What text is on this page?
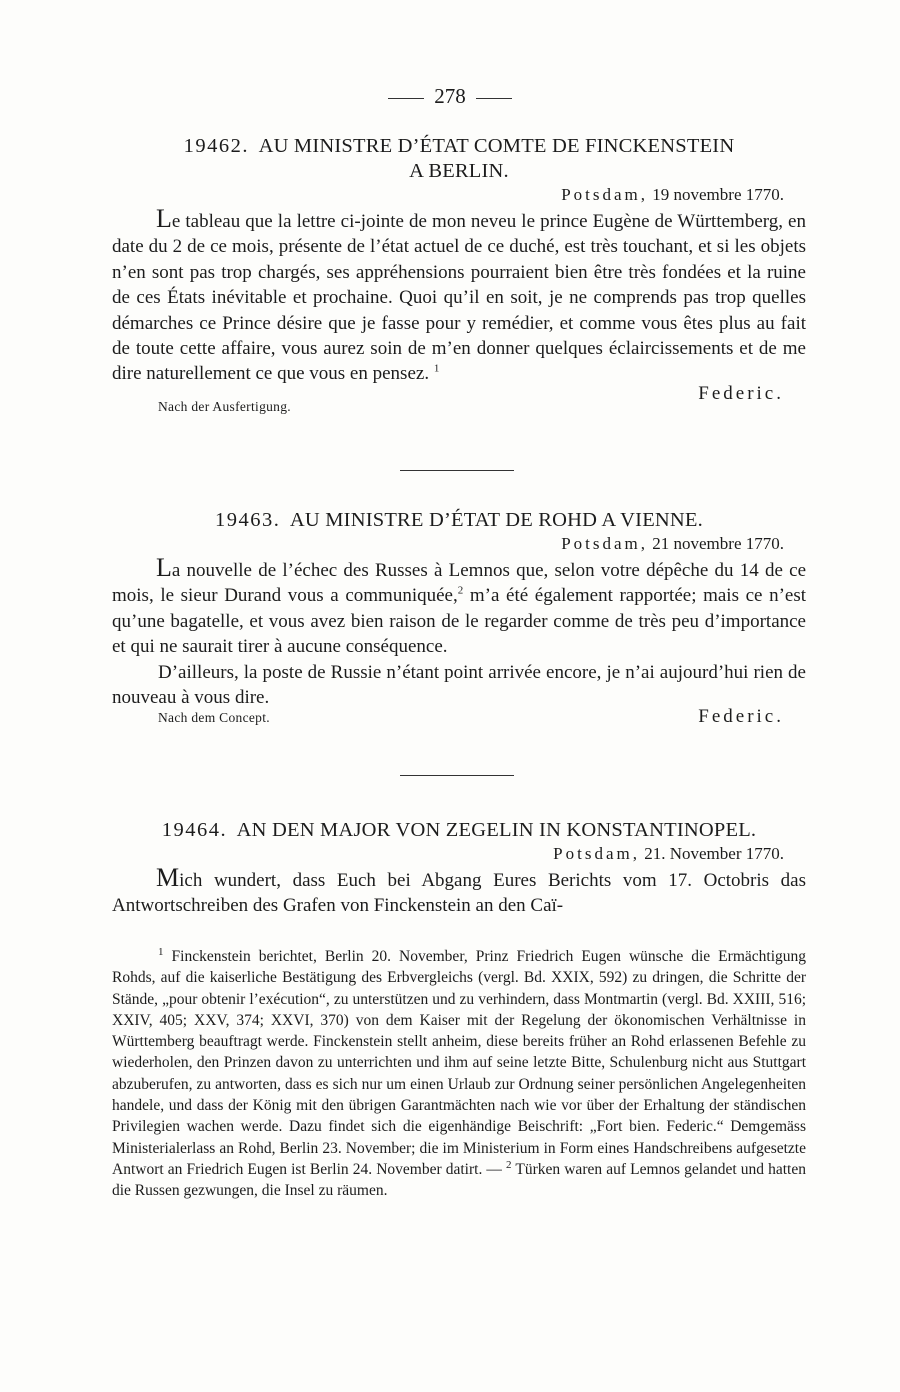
278
19462. AU MINISTRE D’ÉTAT COMTE DE FINCKENSTEIN
A BERLIN.
Potsdam, 19 novembre 1770.

Le tableau que la lettre ci-jointe de mon neveu le prince Eugène de Württemberg, en date du 2 de ce mois, présente de l’état actuel de ce duché, est très touchant, et si les objets n’en sont pas trop chargés, ses appréhensions pourraient bien être très fondées et la ruine de ces États inévitable et prochaine. Quoi qu’il en soit, je ne comprends pas trop quelles démarches ce Prince désire que je fasse pour y remédier, et comme vous êtes plus au fait de toute cette affaire, vous aurez soin de m’en donner quelques éclaircissements et de me dire naturellement ce que vous en pensez. $^1$

Federic.
Nach der Ausfertigung.
19463. AU MINISTRE D’ÉTAT DE ROHD A VIENNE.
Potsdam, 21 novembre 1770.

La nouvelle de l’échec des Russes à Lemnos que, selon votre dépêche du 14 de ce mois, le sieur Durand vous a communiquée,$^2$ m’a été également rapportée; mais ce n’est qu’une bagatelle, et vous avez bien raison de le regarder comme de très peu d’importance et qui ne saurait tirer à aucune conséquence.

D’ailleurs, la poste de Russie n’étant point arrivée encore, je n’ai aujourd’hui rien de nouveau à vous dire.

Federic.
Nach dem Concept.
19464. AN DEN MAJOR VON ZEGELIN IN KONSTANTINOPEL.
Potsdam, 21. November 1770.

Mich wundert, dass Euch bei Abgang Eures Berichts vom 17. Octobris das Antwortschreiben des Grafen von Finckenstein an den Caï-

$^1$ Finckenstein berichtet, Berlin 20. November, Prinz Friedrich Eugen wünsche die Ermächtigung Rohds, auf die kaiserliche Bestätigung des Erbvergleichs (vergl. Bd. XXIX, 592) zu dringen, die Schritte der Stände, „pour obtenir l’exécution“, zu unterstützen und zu verhindern, dass Montmartin (vergl. Bd. XXIII, 516; XXIV, 405; XXV, 374; XXVI, 370) von dem Kaiser mit der Regelung der ökonomischen Verhältnisse in Württemberg beauftragt werde. Finckenstein stellt anheim, diese bereits früher an Rohd erlassenen Befehle zu wiederholen, den Prinzen davon zu unterrichten und ihm auf seine letzte Bitte, Schulenburg nicht aus Stuttgart abzuberufen, zu antworten, dass es sich nur um einen Urlaub zur Ordnung seiner persönlichen Angelegenheiten handele, und dass der König mit den übrigen Garantmächten nach wie vor über der Erhaltung der ständischen Privilegien wachen werde. Dazu findet sich die eigenhändige Beischrift: „Fort bien. Federic.“ Demgemäss Ministerialerlass an Rohd, Berlin 23. November; die im Ministerium in Form eines Handschreibens aufgesetzte Antwort an Friedrich Eugen ist Berlin 24. November datirt. — $^2$ Türken waren auf Lemnos gelandet und hatten die Russen gezwungen, die Insel zu räumen.
